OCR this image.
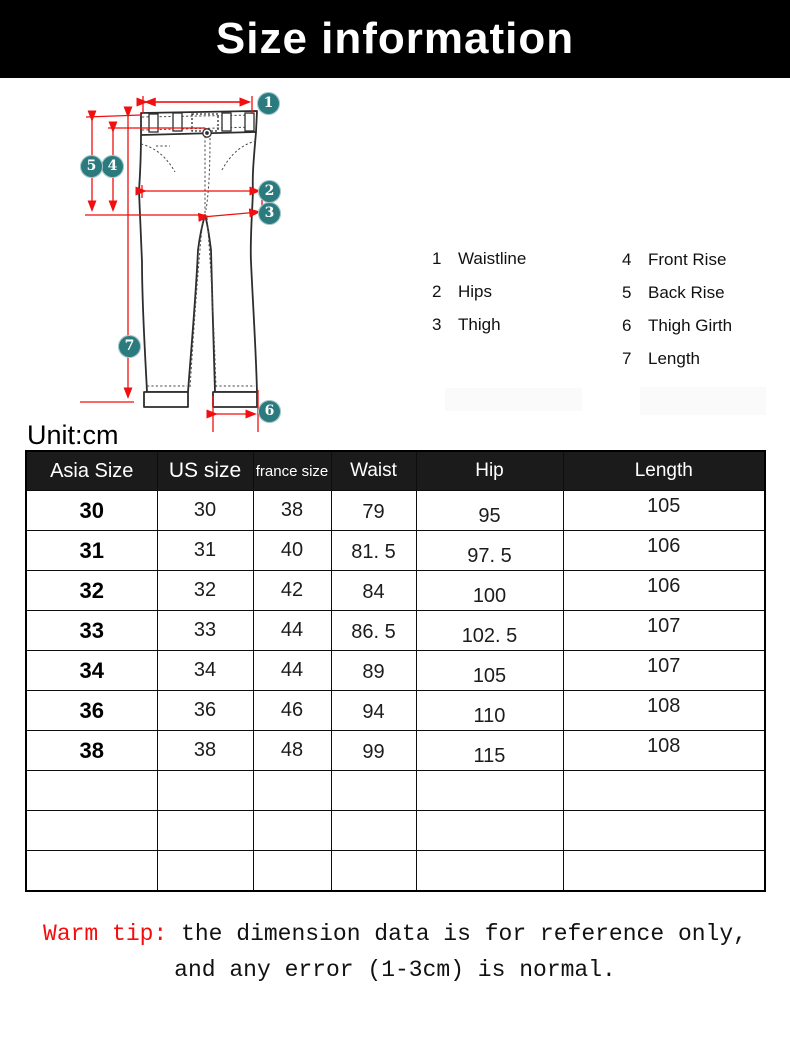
Size information
1
2
3
4
5
6
7
1 Waistline
2 Hips
3 Thigh
4 Front Rise
5 Back Rise
6 Thigh Girth
7 Length
Unit:cm
Asia Size	US size	france size	Waist	Hip	Length
30	30	38	79	95	105
31	31	40	81. 5	97. 5	106
32	32	42	84	100	106
33	33	44	86. 5	102. 5	107
34	34	44	89	105	107
36	36	46	94	110	108
38	38	48	99	115	108

Warm tip: the dimension data is for reference only,
and any error (1-3cm) is normal.
